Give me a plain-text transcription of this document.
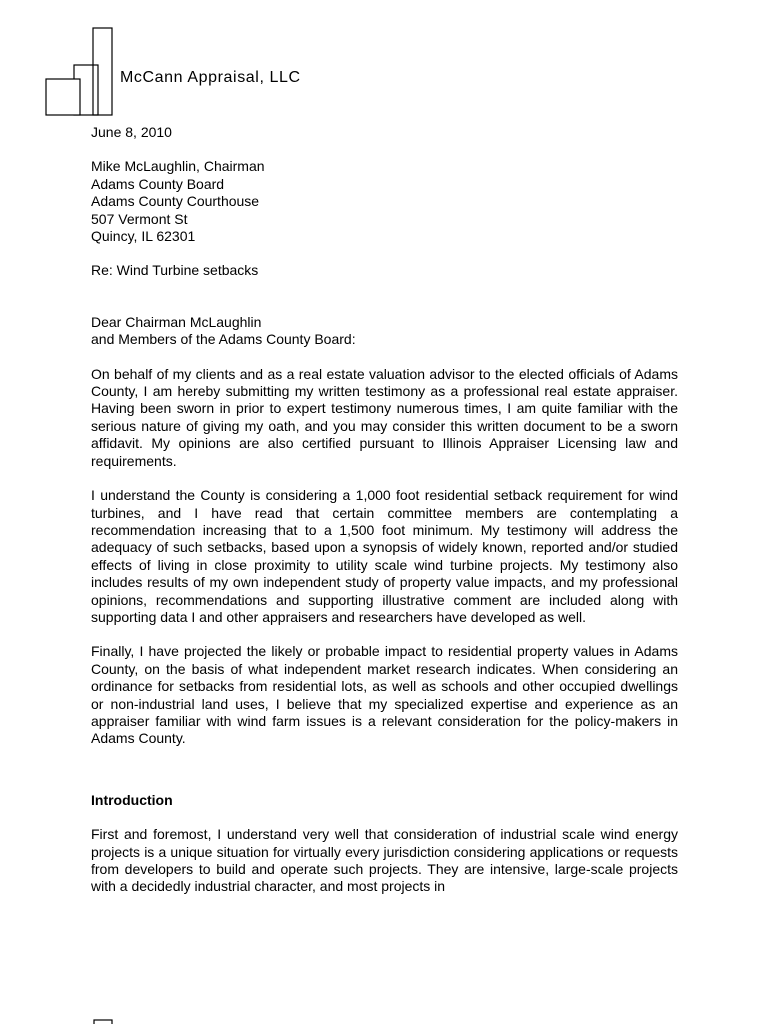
McCann Appraisal, LLC
June 8, 2010
Mike McLaughlin, Chairman
Adams County Board
Adams County Courthouse
507 Vermont St
Quincy, IL 62301
Re: Wind Turbine setbacks
Dear Chairman McLaughlin
and Members of the Adams County Board:

On behalf of my clients and as a real estate valuation advisor to the elected officials of Adams County, I am hereby submitting my written testimony as a professional real estate appraiser. Having been sworn in prior to expert testimony numerous times, I am quite familiar with the serious nature of giving my oath, and you may consider this written document to be a sworn affidavit. My opinions are also certified pursuant to Illinois Appraiser Licensing law and requirements.

I understand the County is considering a 1,000 foot residential setback requirement for wind turbines, and I have read that certain committee members are contemplating a recommendation increasing that to a 1,500 foot minimum. My testimony will address the adequacy of such setbacks, based upon a synopsis of widely known, reported and/or studied effects of living in close proximity to utility scale wind turbine projects. My testimony also includes results of my own independent study of property value impacts, and my professional opinions, recommendations and supporting illustrative comment are included along with supporting data I and other appraisers and researchers have developed as well.

Finally, I have projected the likely or probable impact to residential property values in Adams County, on the basis of what independent market research indicates. When considering an ordinance for setbacks from residential lots, as well as schools and other occupied dwellings or non-industrial land uses, I believe that my specialized expertise and experience as an appraiser familiar with wind farm issues is a relevant consideration for the policy-makers in Adams County.

Introduction

First and foremost, I understand very well that consideration of industrial scale wind energy projects is a unique situation for virtually every jurisdiction considering applications or requests from developers to build and operate such projects. They are intensive, large-scale projects with a decidedly industrial character, and most projects in
